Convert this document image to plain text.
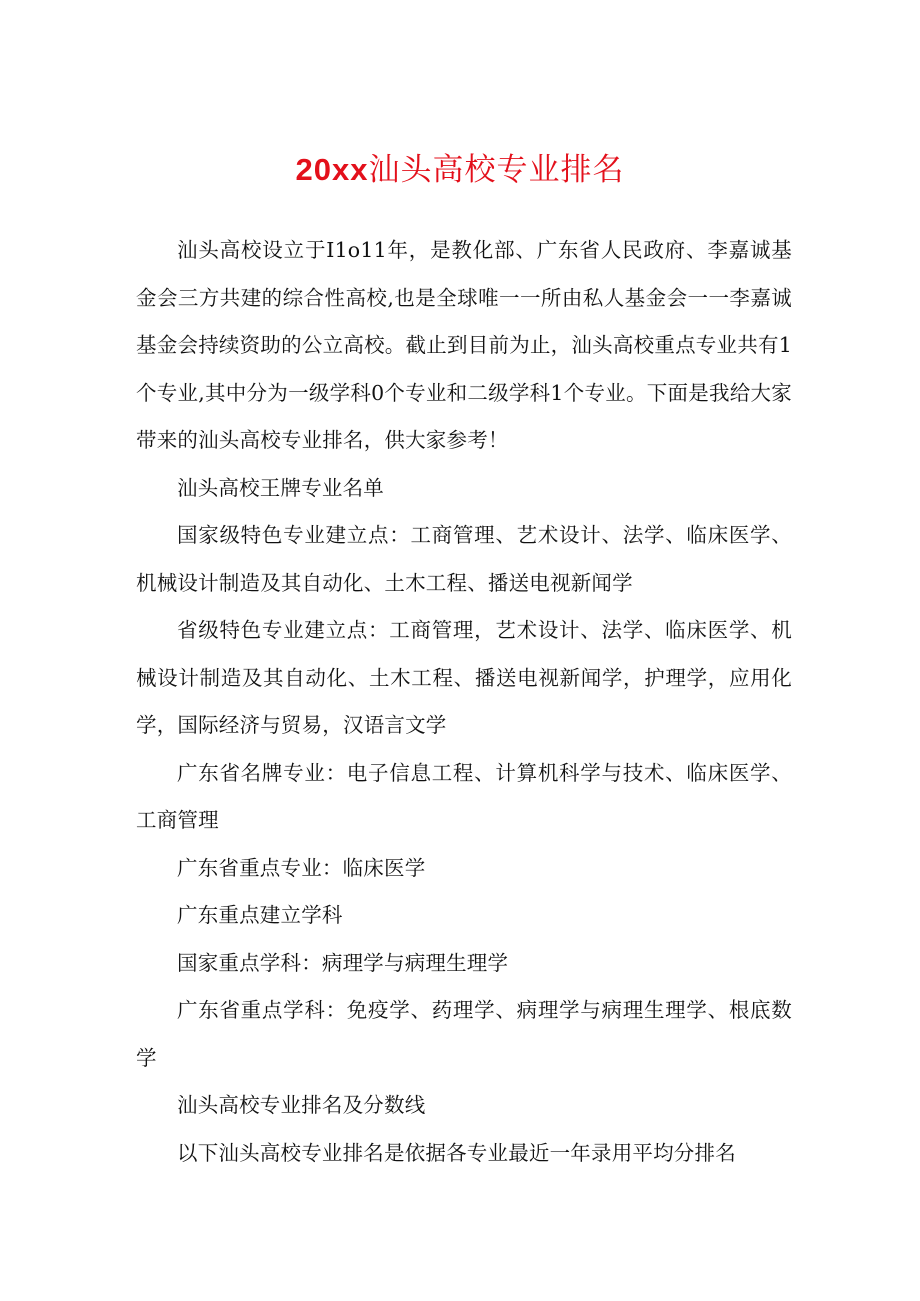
20xx汕头高校专业排名

汕头高校设立于I1o11年，是教化部、广东省人民政府、李嘉诚基金会三方共建的综合性高校,也是全球唯一一所由私人基金会一一李嘉诚基金会持续资助的公立高校。截止到目前为止，汕头高校重点专业共有1个专业,其中分为一级学科0个专业和二级学科1个专业。下面是我给大家带来的汕头高校专业排名，供大家参考！

汕头高校王牌专业名单

国家级特色专业建立点：工商管理、艺术设计、法学、临床医学、机械设计制造及其自动化、土木工程、播送电视新闻学

省级特色专业建立点：工商管理，艺术设计、法学、临床医学、机械设计制造及其自动化、土木工程、播送电视新闻学，护理学，应用化学，国际经济与贸易，汉语言文学

广东省名牌专业：电子信息工程、计算机科学与技术、临床医学、工商管理

广东省重点专业：临床医学

广东重点建立学科

国家重点学科：病理学与病理生理学

广东省重点学科：免疫学、药理学、病理学与病理生理学、根底数学

汕头高校专业排名及分数线

以下汕头高校专业排名是依据各专业最近一年录用平均分排名
